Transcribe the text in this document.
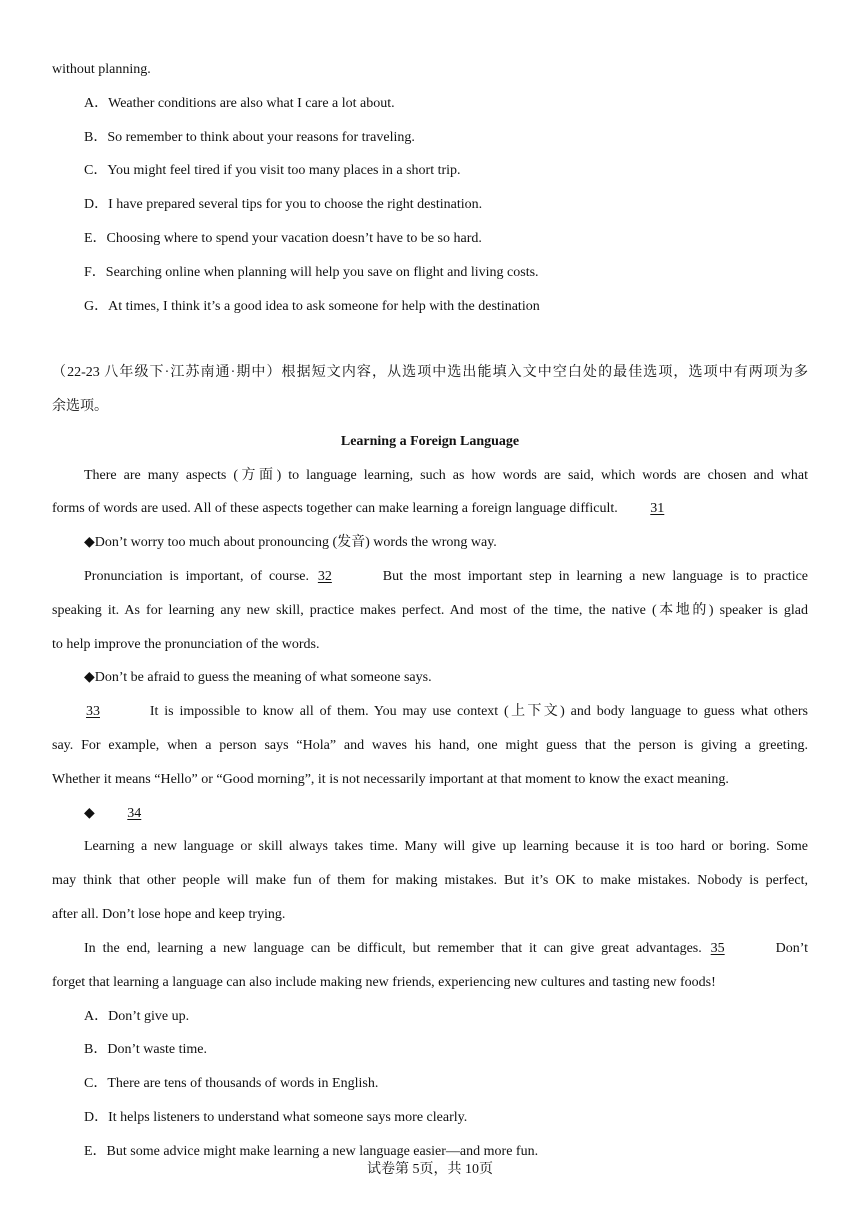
without planning.
A．Weather conditions are also what I care a lot about.
B．So remember to think about your reasons for traveling.
C．You might feel tired if you visit too many places in a short trip.
D．I have prepared several tips for you to choose the right destination.
E．Choosing where to spend your vacation doesn’t have to be so hard.
F．Searching online when planning will help you save on flight and living costs.
G．At times, I think it’s a good idea to ask someone for help with the destination
（22-23 八年级下·江苏南通·期中）根据短文内容，从选项中选出能填入文中空白处的最佳选项，选项中有两项为多
余选项。
Learning a Foreign Language
There are many aspects (方面) to language learning, such as how words are said, which words are chosen and what
forms of words are used. All of these aspects together can make learning a foreign language difficult. 31
◆Don’t worry too much about pronouncing (发音) words the wrong way.
Pronunciation is important, of course. 32	But the most important step in learning a new language is to practice
speaking it. As for learning any new skill, practice makes perfect. And most of the time, the native (本地的) speaker is glad
to help improve the pronunciation of the words.
◆Don’t be afraid to guess the meaning of what someone says.
33	It is impossible to know all of them. You may use context (上下文) and body language to guess what others
say. For example, when a person says “Hola” and waves his hand, one might guess that the person is giving a greeting.
Whether it means “Hello” or “Good morning”, it is not necessarily important at that moment to know the exact meaning.
◆ 34
Learning a new language or skill always takes time. Many will give up learning because it is too hard or boring. Some
may think that other people will make fun of them for making mistakes. But it’s OK to make mistakes. Nobody is perfect,
after all. Don’t lose hope and keep trying.
In the end, learning a new language can be difficult, but remember that it can give great advantages. 35	Don’t
forget that learning a language can also include making new friends, experiencing new cultures and tasting new foods!
A．Don’t give up.
B．Don’t waste time.
C．There are tens of thousands of words in English.
D．It helps listeners to understand what someone says more clearly.
E．But some advice might make learning a new language easier—and more fun.
试卷第 5页，共 10页
